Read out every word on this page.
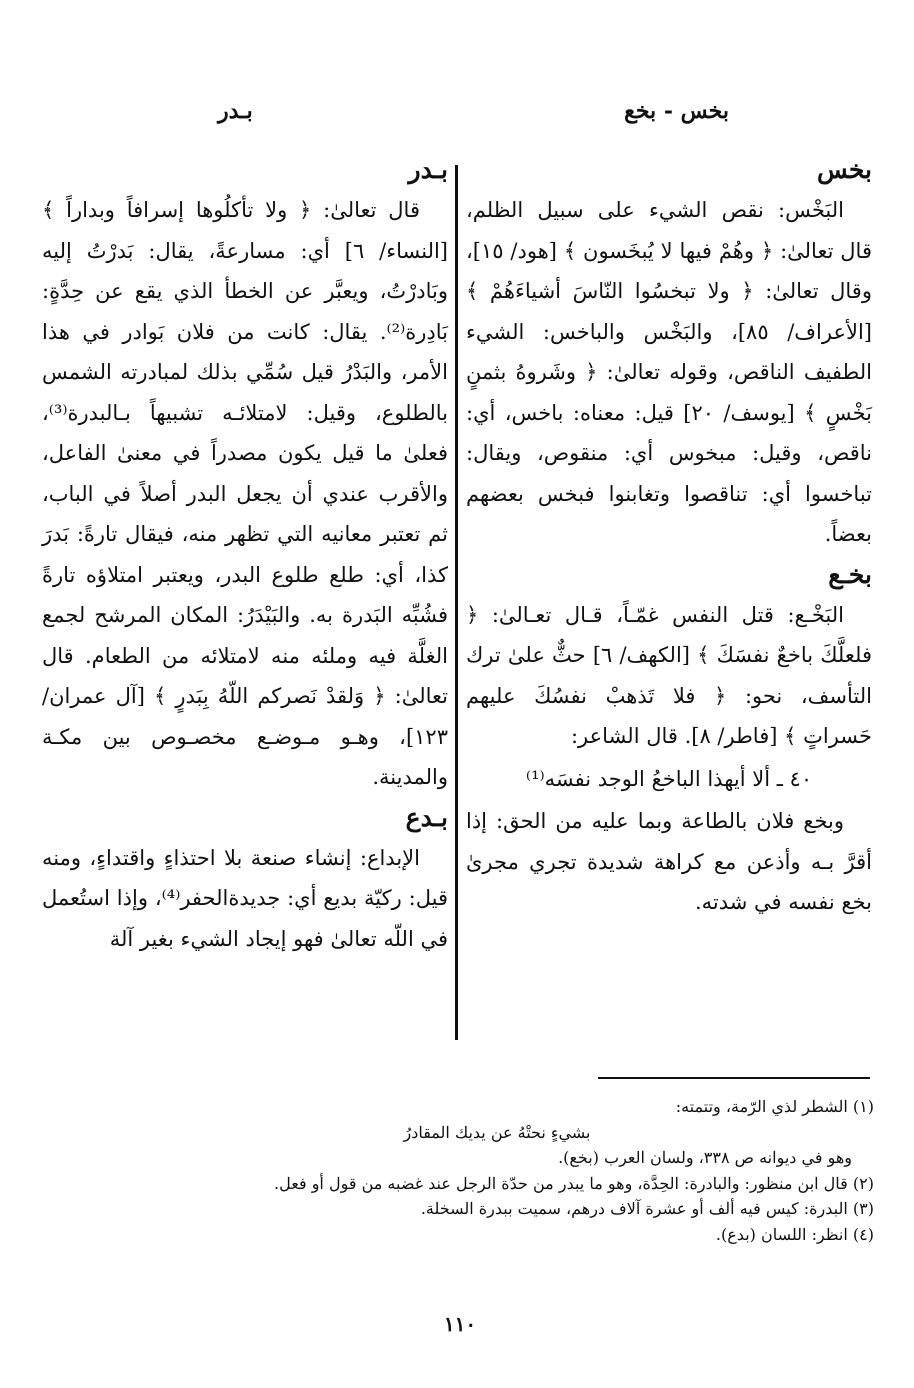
بخس - بخع
بـدر

بخس

البَخْس: نقص الشيء على سبيل الظلم، قال تعالىٰ: ﴿ وهُمْ فيها لا يُبخَسون ﴾ [هود/ ١٥]، وقال تعالىٰ: ﴿ ولا تبخسُوا النّاسَ أشياءَهُمْ ﴾ [الأعراف/ ٨٥]، والبَخْس والباخس: الشيء الطفيف الناقص، وقوله تعالىٰ: ﴿ وشَروهُ بثمنٍ بَخْسٍ ﴾ [يوسف/ ٢٠] قيل: معناه: باخس، أي: ناقص، وقيل: مبخوس أي: منقوص، ويقال: تباخسوا أي: تناقصوا وتغابنوا فبخس بعضهم بعضاً.

بخـع

البَخْـع: قتل النفس غمّـاً، قـال تعـالىٰ: ﴿ فلعلَّكَ باخعٌ نفسَكَ ﴾ [الكهف/ ٦] حثٌّ علىٰ ترك التأسف، نحو: ﴿ فلا تَذهبْ نفسُكَ عليهم حَسراتٍ ﴾ [فاطر/ ٨]. قال الشاعر:

٤٠ ـ ألا أيهذا الباخعُ الوجد نفسَه⁽¹⁾

وبخع فلان بالطاعة وبما عليه من الحق: إذا أقرَّ بـه وأذعن مع كراهة شديدة تجري مجرىٰ بخع نفسه في شدته.

بـدر

قال تعالىٰ: ﴿ ولا تأكلُوها إسرافاً وبداراً ﴾ [النساء/ ٦] أي: مسارعةً، يقال: بَدرْتُ إليه وبَادرْتُ، ويعبَّر عن الخطأ الذي يقع عن حِدَّةٍ: بَادِرة⁽²⁾. يقال: كانت من فلان بَوادر في هذا الأمر، والبَدْرُ قيل سُمِّي بذلك لمبادرته الشمس بالطلوع، وقيل: لامتلائـه تشبيهاً بـالبدرة⁽³⁾، فعلىٰ ما قيل يكون مصدراً في معنىٰ الفاعل، والأقرب عندي أن يجعل البدر أصلاً في الباب، ثم تعتبر معانيه التي تظهر منه، فيقال تارةً: بَدرَ كذا، أي: طلع طلوع البدر، ويعتبر امتلاؤه تارةً فشُبِّه البَدرة به. والبَيْدَرُ: المكان المرشح لجمع الغلَّة فيه وملئه منه لامتلائه من الطعام. قال تعالىٰ: ﴿ وَلقدْ نَصركم اللّهُ بِبَدرٍ ﴾ [آل عمران/ ١٢٣]، وهـو مـوضـع مخصـوص بين مكـة والمدينة.

بـدع

الإبداع: إنشاء صنعة بلا احتذاءٍ واقتداءٍ، ومنه قيل: ركيّة بديع أي: جديدةالحفر⁽⁴⁾، وإذا استُعمل في اللّه تعالىٰ فهو إيجاد الشيء بغير آلة

(١) الشطر لذي الرّمة، وتتمته:

بشيءٍ نحتْهُ عن يديك المقادرُ

وهو في ديوانه ص ٣٣٨، ولسان العرب (بخع).

(٢) قال ابن منظور: والبادرة: الحِدَّة، وهو ما يبدر من حدّة الرجل عند غضبه من قول أو فعل.

(٣) البدرة: كيس فيه ألف أو عشرة آلاف درهم، سميت ببدرة السخلة.

(٤) انظر: اللسان (بدع).

١١٠
